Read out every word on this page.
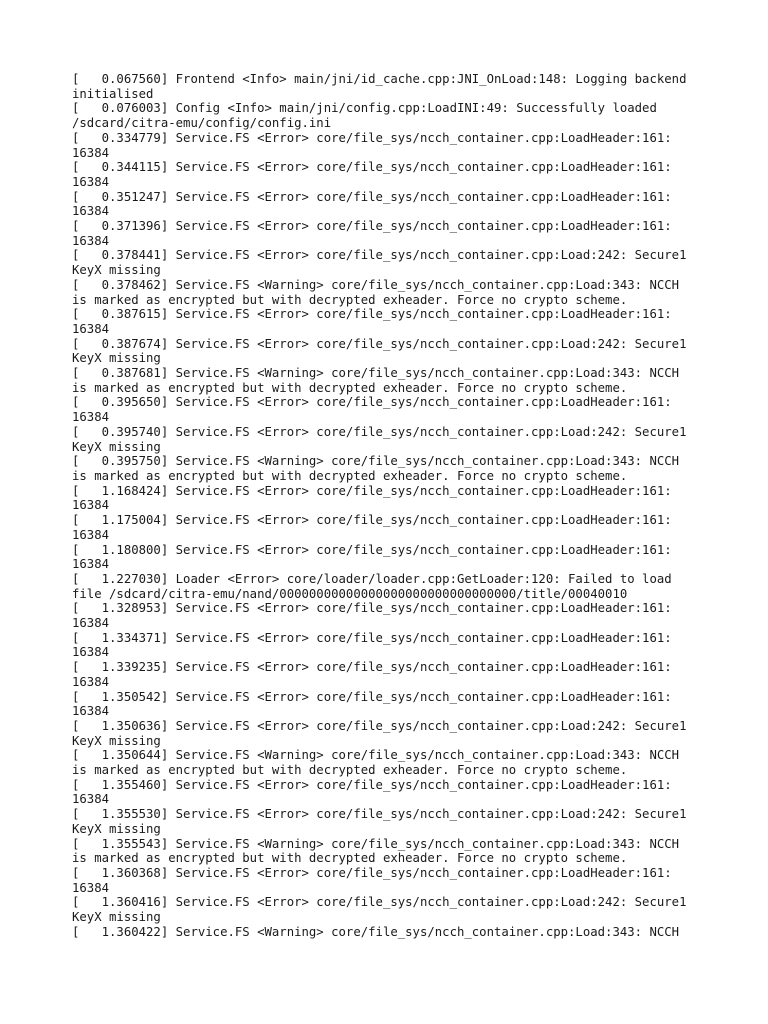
[   0.067560] Frontend <Info> main/jni/id_cache.cpp:JNI_OnLoad:148: Logging backend
initialised
[   0.076003] Config <Info> main/jni/config.cpp:LoadINI:49: Successfully loaded
/sdcard/citra-emu/config/config.ini
[   0.334779] Service.FS <Error> core/file_sys/ncch_container.cpp:LoadHeader:161:
16384
[   0.344115] Service.FS <Error> core/file_sys/ncch_container.cpp:LoadHeader:161:
16384
[   0.351247] Service.FS <Error> core/file_sys/ncch_container.cpp:LoadHeader:161:
16384
[   0.371396] Service.FS <Error> core/file_sys/ncch_container.cpp:LoadHeader:161:
16384
[   0.378441] Service.FS <Error> core/file_sys/ncch_container.cpp:Load:242: Secure1
KeyX missing
[   0.378462] Service.FS <Warning> core/file_sys/ncch_container.cpp:Load:343: NCCH
is marked as encrypted but with decrypted exheader. Force no crypto scheme.
[   0.387615] Service.FS <Error> core/file_sys/ncch_container.cpp:LoadHeader:161:
16384
[   0.387674] Service.FS <Error> core/file_sys/ncch_container.cpp:Load:242: Secure1
KeyX missing
[   0.387681] Service.FS <Warning> core/file_sys/ncch_container.cpp:Load:343: NCCH
is marked as encrypted but with decrypted exheader. Force no crypto scheme.
[   0.395650] Service.FS <Error> core/file_sys/ncch_container.cpp:LoadHeader:161:
16384
[   0.395740] Service.FS <Error> core/file_sys/ncch_container.cpp:Load:242: Secure1
KeyX missing
[   0.395750] Service.FS <Warning> core/file_sys/ncch_container.cpp:Load:343: NCCH
is marked as encrypted but with decrypted exheader. Force no crypto scheme.
[   1.168424] Service.FS <Error> core/file_sys/ncch_container.cpp:LoadHeader:161:
16384
[   1.175004] Service.FS <Error> core/file_sys/ncch_container.cpp:LoadHeader:161:
16384
[   1.180800] Service.FS <Error> core/file_sys/ncch_container.cpp:LoadHeader:161:
16384
[   1.227030] Loader <Error> core/loader/loader.cpp:GetLoader:120: Failed to load
file /sdcard/citra-emu/nand/00000000000000000000000000000000/title/00040010
[   1.328953] Service.FS <Error> core/file_sys/ncch_container.cpp:LoadHeader:161:
16384
[   1.334371] Service.FS <Error> core/file_sys/ncch_container.cpp:LoadHeader:161:
16384
[   1.339235] Service.FS <Error> core/file_sys/ncch_container.cpp:LoadHeader:161:
16384
[   1.350542] Service.FS <Error> core/file_sys/ncch_container.cpp:LoadHeader:161:
16384
[   1.350636] Service.FS <Error> core/file_sys/ncch_container.cpp:Load:242: Secure1
KeyX missing
[   1.350644] Service.FS <Warning> core/file_sys/ncch_container.cpp:Load:343: NCCH
is marked as encrypted but with decrypted exheader. Force no crypto scheme.
[   1.355460] Service.FS <Error> core/file_sys/ncch_container.cpp:LoadHeader:161:
16384
[   1.355530] Service.FS <Error> core/file_sys/ncch_container.cpp:Load:242: Secure1
KeyX missing
[   1.355543] Service.FS <Warning> core/file_sys/ncch_container.cpp:Load:343: NCCH
is marked as encrypted but with decrypted exheader. Force no crypto scheme.
[   1.360368] Service.FS <Error> core/file_sys/ncch_container.cpp:LoadHeader:161:
16384
[   1.360416] Service.FS <Error> core/file_sys/ncch_container.cpp:Load:242: Secure1
KeyX missing
[   1.360422] Service.FS <Warning> core/file_sys/ncch_container.cpp:Load:343: NCCH
